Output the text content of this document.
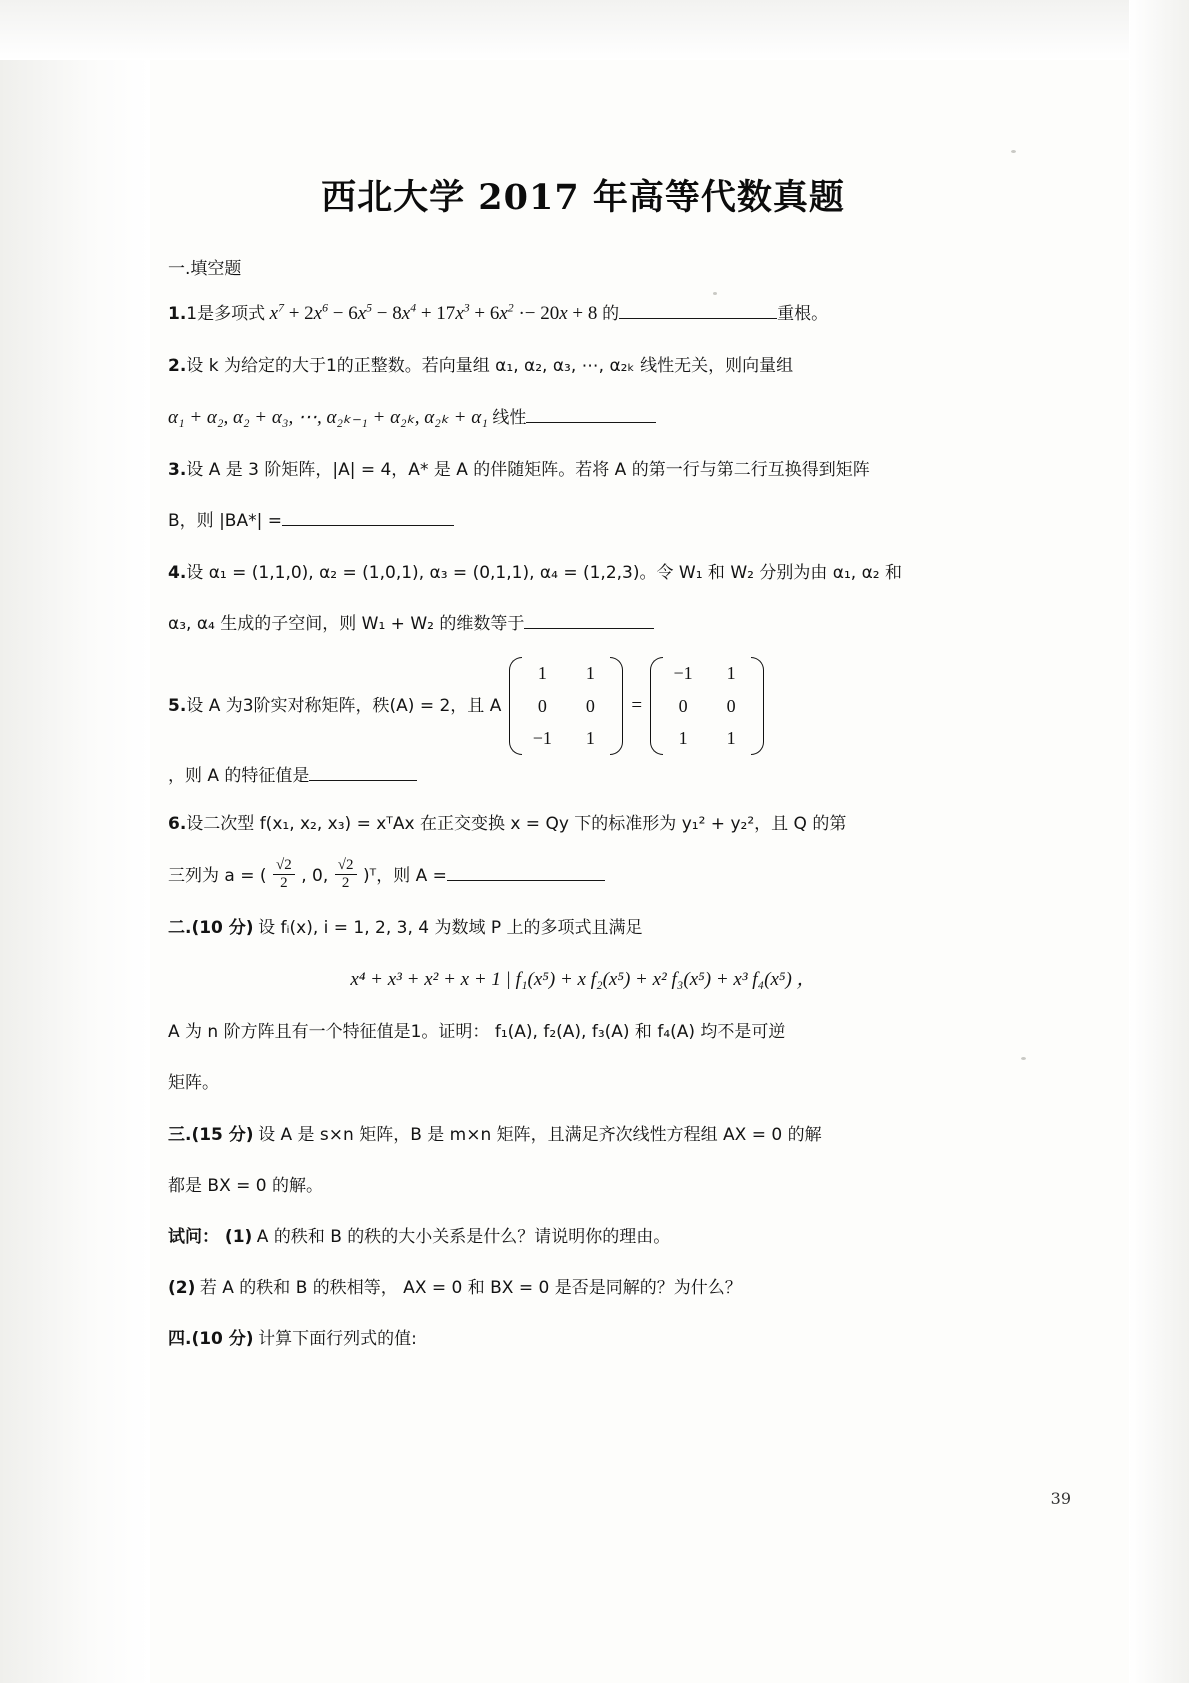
西北大学 2017 年高等代数真题
一.填空题
1.1是多项式 $x^7 + 2x^6 - 6x^5 - 8x^4 + 17x^3 + 6x^2 \cdot- 20x + 8$ 的	重根。
2.设 k 为给定的大于1的正整数。若向量组 α₁, α₂, α₃, ⋯, α₂ₖ 线性无关，则向量组
α₁ + α₂, α₂ + α₃, ⋯, α₂ₖ₋₁ + α₂ₖ, α₂ₖ + α₁ 线性
3.设 A 是 3 阶矩阵，|A| = 4，A* 是 A 的伴随矩阵。若将 A 的第一行与第二行互换得到矩阵
B，则 |BA*| =
4.设 α₁ = (1,1,0), α₂ = (1,0,1), α₃ = (0,1,1), α₄ = (1,2,3)。令 W₁ 和 W₂ 分别为由 α₁, α₂ 和
α₃, α₄ 生成的子空间，则 W₁ + W₂ 的维数等于
5.设 A 为3阶实对称矩阵，秩(A) = 2，且 A
1	1
0	0
−1	1
=
−1	1
0	0
1	1
，则 A 的特征值是
6.设二次型 f(x₁, x₂, x₃) = xᵀAx 在正交变换 x = Qy 下的标准形为 y₁² + y₂²，且 Q 的第
三列为 a = ( $\frac{√2}{2}$ , 0, $\frac{√2}{2}$ )ᵀ，则 A =
二.(10 分) 设 fᵢ(x), i = 1, 2, 3, 4 为数域 P 上的多项式且满足
x⁴ + x³ + x² + x + 1 | f₁(x⁵) + x f₂(x⁵) + x² f₃(x⁵) + x³ f₄(x⁵) ，
A 为 n 阶方阵且有一个特征值是1。证明： f₁(A), f₂(A), f₃(A) 和 f₄(A) 均不是可逆
矩阵。
三.(15 分) 设 A 是 s×n 矩阵，B 是 m×n 矩阵，且满足齐次线性方程组 AX = 0 的解
都是 BX = 0 的解。
试问： (1) A 的秩和 B 的秩的大小关系是什么？请说明你的理由。
(2) 若 A 的秩和 B 的秩相等， AX = 0 和 BX = 0 是否是同解的？为什么？
四.(10 分) 计算下面行列式的值:
39
